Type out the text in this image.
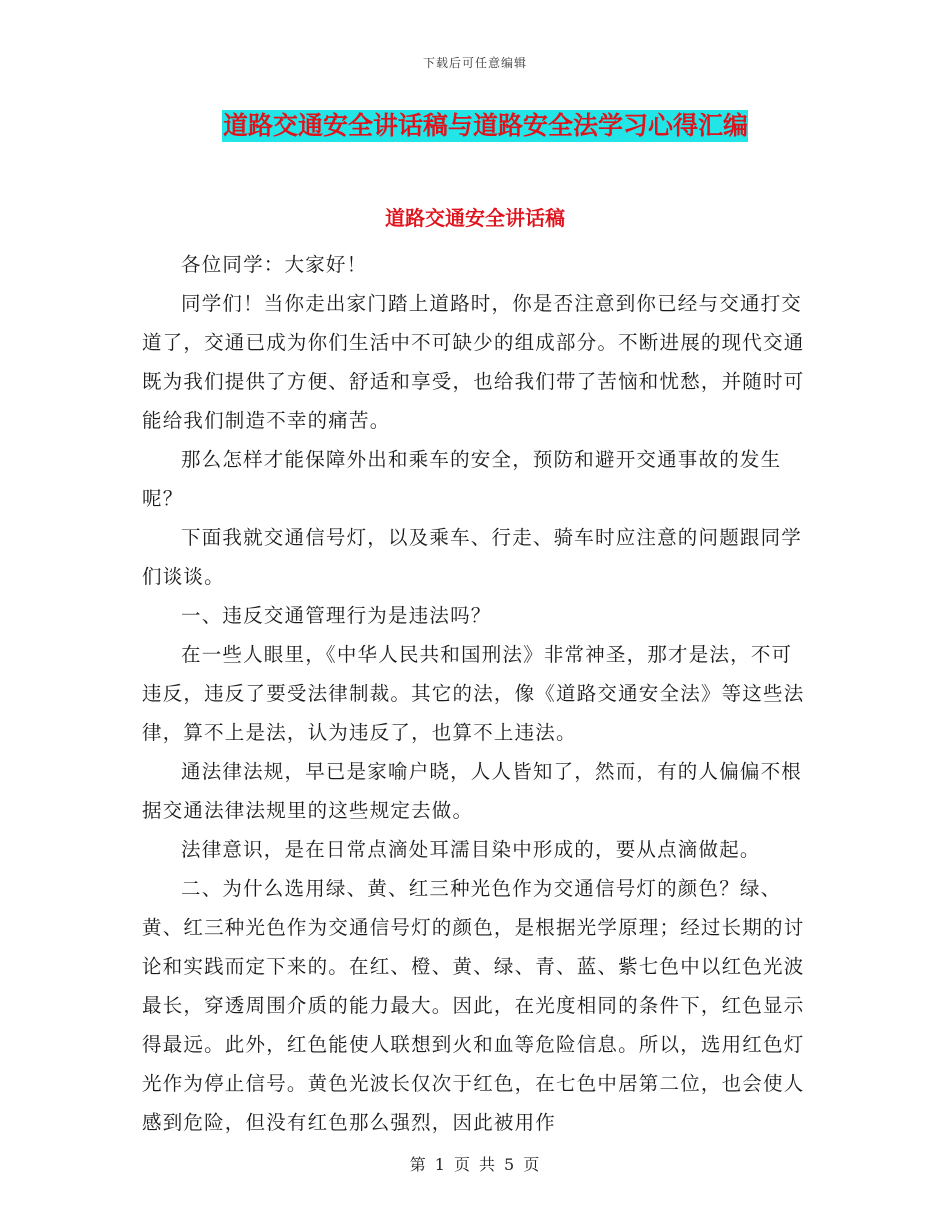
下载后可任意编辑
道路交通安全讲话稿与道路安全法学习心得汇编
道路交通安全讲话稿

各位同学：大家好！

同学们！当你走出家门踏上道路时，你是否注意到你已经与交通打交道了，交通已成为你们生活中不可缺少的组成部分。不断进展的现代交通既为我们提供了方便、舒适和享受，也给我们带了苦恼和忧愁，并随时可能给我们制造不幸的痛苦。

那么怎样才能保障外出和乘车的安全，预防和避开交通事故的发生呢？

下面我就交通信号灯，以及乘车、行走、骑车时应注意的问题跟同学们谈谈。

一、违反交通管理行为是违法吗？

在一些人眼里，《中华人民共和国刑法》非常神圣，那才是法，不可违反，违反了要受法律制裁。其它的法，像《道路交通安全法》等这些法律，算不上是法，认为违反了，也算不上违法。

通法律法规，早已是家喻户晓，人人皆知了，然而，有的人偏偏不根据交通法律法规里的这些规定去做。

法律意识，是在日常点滴处耳濡目染中形成的，要从点滴做起。

二、为什么选用绿、黄、红三种光色作为交通信号灯的颜色？绿、黄、红三种光色作为交通信号灯的颜色，是根据光学原理；经过长期的讨论和实践而定下来的。在红、橙、黄、绿、青、蓝、紫七色中以红色光波最长，穿透周围介质的能力最大。因此，在光度相同的条件下，红色显示得最远。此外，红色能使人联想到火和血等危险信息。所以，选用红色灯光作为停止信号。黄色光波长仅次于红色，在七色中居第二位，也会使人感到危险，但没有红色那么强烈，因此被用作

第 1 页 共 5 页
